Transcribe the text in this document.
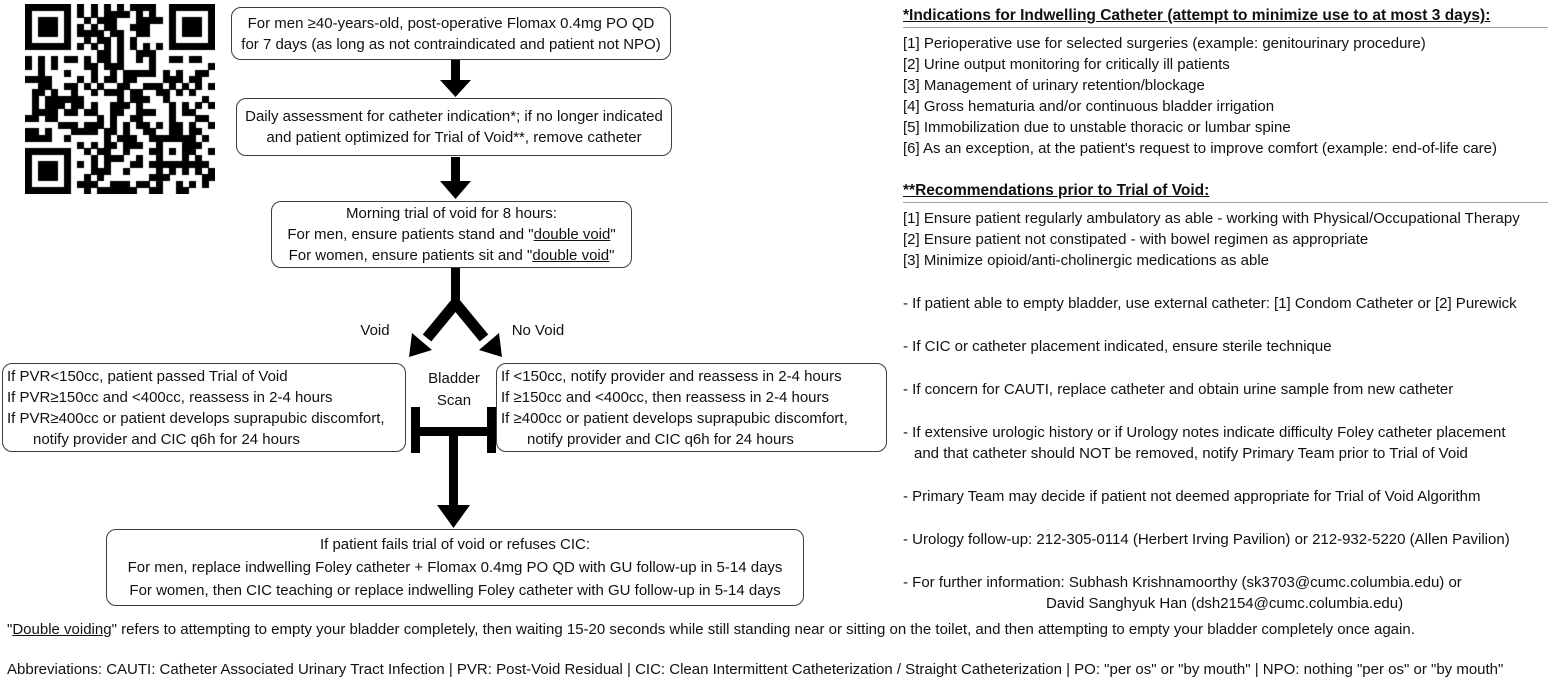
For men ≥40-years-old, post-operative Flomax 0.4mg PO QD
for 7 days (as long as not contraindicated and patient not NPO)
Daily assessment for catheter indication*; if no longer indicated
and patient optimized for Trial of Void**, remove catheter
Morning trial of void for 8 hours:
For men, ensure patients stand and "double void"
For women, ensure patients sit and "double void"
Void	No Void
Bladder
Scan
If PVR<150cc, patient passed Trial of Void
If PVR≥150cc and <400cc, reassess in 2-4 hours
If PVR≥400cc or patient develops suprapubic discomfort,
notify provider and CIC q6h for 24 hours
If <150cc, notify provider and reassess in 2-4 hours
If ≥150cc and <400cc, then reassess in 2-4 hours
If ≥400cc or patient develops suprapubic discomfort,
notify provider and CIC q6h for 24 hours
If patient fails trial of void or refuses CIC:
For men, replace indwelling Foley catheter + Flomax 0.4mg PO QD with GU follow-up in 5-14 days
For women, then CIC teaching or replace indwelling Foley catheter with GU follow-up in 5-14 days
*Indications for Indwelling Catheter (attempt to minimize use to at most 3 days):
[1] Perioperative use for selected surgeries (example: genitourinary procedure)
[2] Urine output monitoring for critically ill patients
[3] Management of urinary retention/blockage
[4] Gross hematuria and/or continuous bladder irrigation
[5] Immobilization due to unstable thoracic or lumbar spine
[6] As an exception, at the patient's request to improve comfort (example: end-of-life care)
**Recommendations prior to Trial of Void:
[1] Ensure patient regularly ambulatory as able - working with Physical/Occupational Therapy
[2] Ensure patient not constipated - with bowel regimen as appropriate
[3] Minimize opioid/anti-cholinergic medications as able
- If patient able to empty bladder, use external catheter: [1] Condom Catheter or [2] Purewick
- If CIC or catheter placement indicated, ensure sterile technique
- If concern for CAUTI, replace catheter and obtain urine sample from new catheter
- If extensive urologic history or if Urology notes indicate difficulty Foley catheter placement
and that catheter should NOT be removed, notify Primary Team prior to Trial of Void
- Primary Team may decide if patient not deemed appropriate for Trial of Void Algorithm
- Urology follow-up: 212-305-0114 (Herbert Irving Pavilion) or 212-932-5220 (Allen Pavilion)
- For further information: Subhash Krishnamoorthy (sk3703@cumc.columbia.edu) or
David Sanghyuk Han (dsh2154@cumc.columbia.edu)
"Double voiding" refers to attempting to empty your bladder completely, then waiting 15-20 seconds while still standing near or sitting on the toilet, and then attempting to empty your bladder completely once again.
Abbreviations: CAUTI: Catheter Associated Urinary Tract Infection | PVR: Post-Void Residual | CIC: Clean Intermittent Catheterization / Straight Catheterization | PO: "per os" or "by mouth" | NPO: nothing "per os" or "by mouth"
